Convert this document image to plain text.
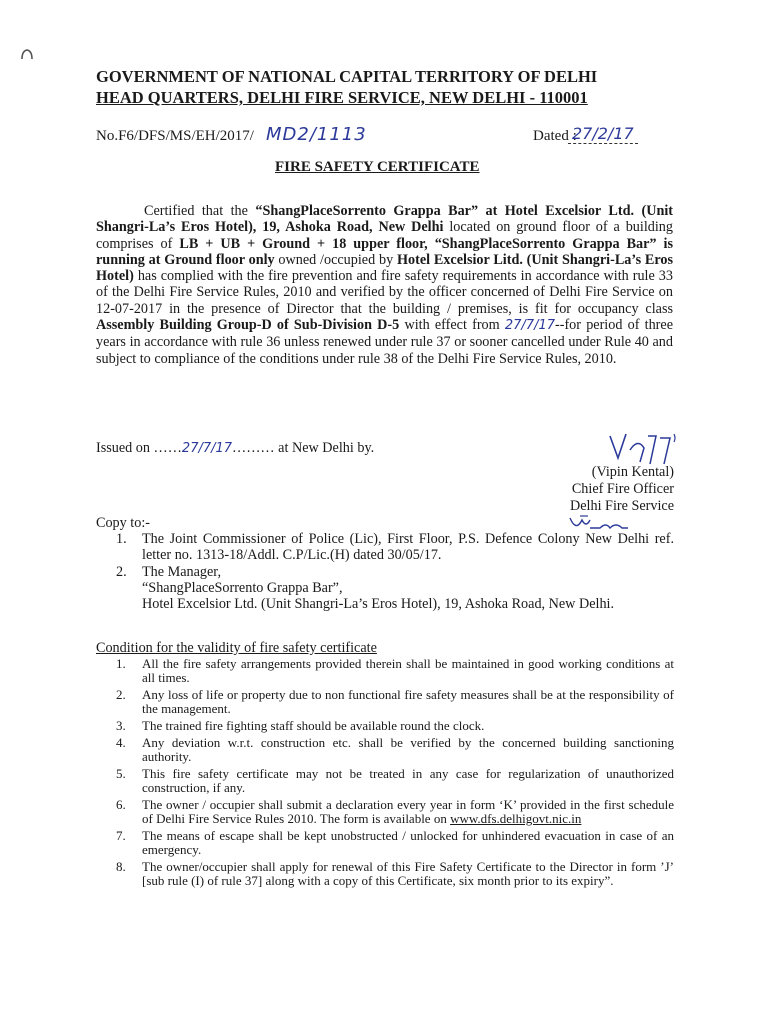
GOVERNMENT OF NATIONAL CAPITAL TERRITORY OF DELHI
HEAD QUARTERS, DELHI FIRE SERVICE, NEW DELHI - 110001
No.F6/DFS/MS/EH/2017/ MD2/1113	Dated :
27/2/17
FIRE SAFETY CERTIFICATE
Certified that the “ShangPlaceSorrento Grappa Bar” at Hotel Excelsior Ltd. (Unit Shangri-La’s Eros Hotel), 19, Ashoka Road, New Delhi located on ground floor of a building comprises of LB + UB + Ground + 18 upper floor, “ShangPlaceSorrento Grappa Bar” is running at Ground floor only owned /occupied by Hotel Excelsior Litd. (Unit Shangri-La’s Eros Hotel) has complied with the fire prevention and fire safety requirements in accordance with rule 33 of the Delhi Fire Service Rules, 2010 and verified by the officer concerned of Delhi Fire Service on 12-07-2017 in the presence of Director that the building / premises, is fit for occupancy class Assembly Building Group-D of Sub-Division D-5 with effect from 27/7/17--for period of three years in accordance with rule 36 unless renewed under rule 37 or sooner cancelled under Rule 40 and subject to compliance of the conditions under rule 38 of the Delhi Fire Service Rules, 2010.
Issued on ……27/7/17……… at New Delhi by.
(Vipin Kental)
Chief Fire Officer
Delhi Fire Service
Copy to:-
1. The Joint Commissioner of Police (Lic), First Floor, P.S. Defence Colony New Delhi ref. letter no. 1313-18/Addl. C.P/Lic.(H) dated 30/05/17.
2. The Manager,
“ShangPlaceSorrento Grappa Bar”,
Hotel Excelsior Ltd. (Unit Shangri-La’s Eros Hotel), 19, Ashoka Road, New Delhi.
Condition for the validity of fire safety certificate
1. All the fire safety arrangements provided therein shall be maintained in good working conditions at all times.
2. Any loss of life or property due to non functional fire safety measures shall be at the responsibility of the management.
3. The trained fire fighting staff should be available round the clock.
4. Any deviation w.r.t. construction etc. shall be verified by the concerned building sanctioning authority.
5. This fire safety certificate may not be treated in any case for regularization of unauthorized construction, if any.
6. The owner / occupier shall submit a declaration every year in form ‘K’ provided in the first schedule of Delhi Fire Service Rules 2010. The form is available on www.dfs.delhigovt.nic.in
7. The means of escape shall be kept unobstructed / unlocked for unhindered evacuation in case of an emergency.
8. The owner/occupier shall apply for renewal of this Fire Safety Certificate to the Director in form ’J’ [sub rule (I) of rule 37] along with a copy of this Certificate, six month prior to its expiry”.
